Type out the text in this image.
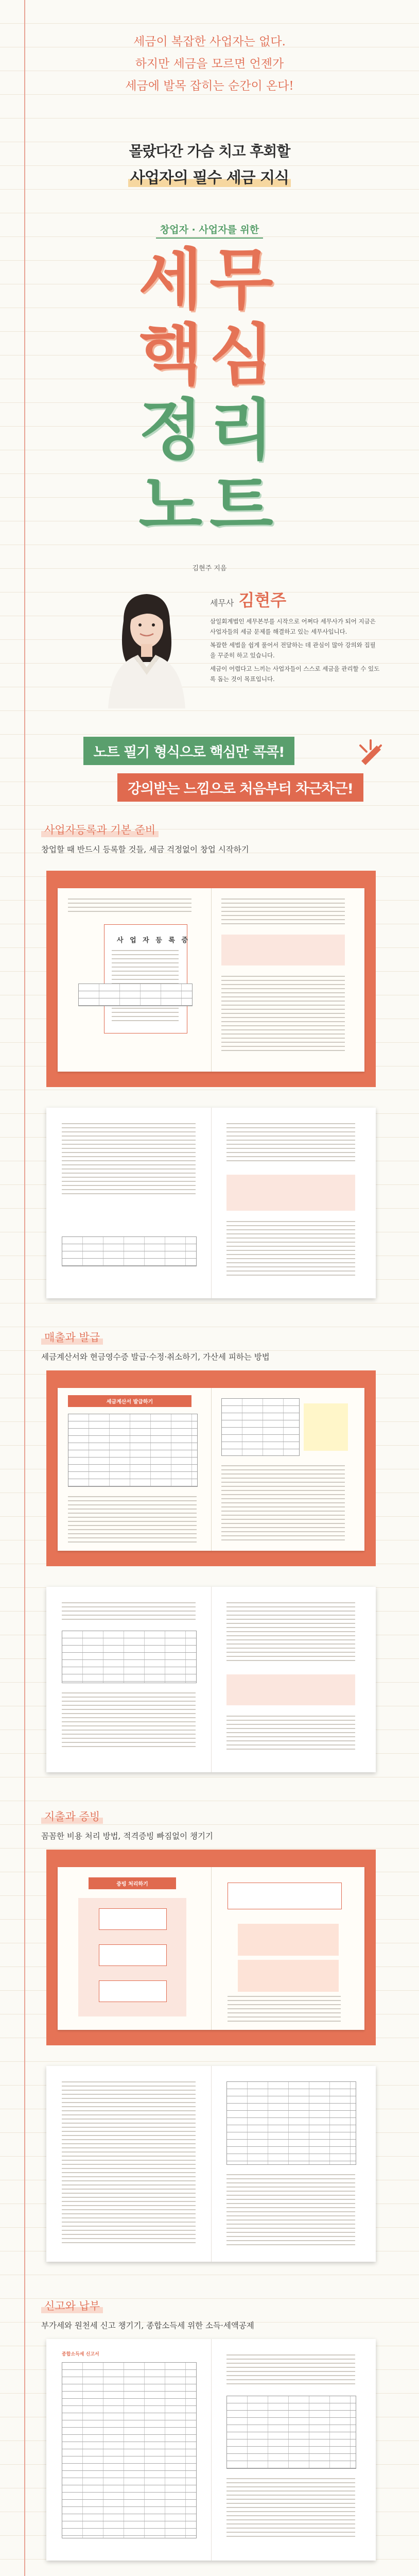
세금이 복잡한 사업자는 없다.

하지만 세금을 모르면 언젠가

세금에 발목 잡히는 순간이 온다!

몰랐다간 가슴 치고 후회할
사업자의 필수 세금 지식
창업자 · 사업자를 위한
세무
핵심
정리
노트
김현주 지음
세무사 김현주

삼일회계법인 세무본부를 시작으로 어쩌다 세무사가 되어 지금은 사업자들의 세금 문제를 해결하고 있는 세무사입니다.

복잡한 세법을 쉽게 풀어서 전달하는 데 관심이 많아 강의와 집필을 꾸준히 하고 있습니다.

세금이 어렵다고 느끼는 사업자들이 스스로 세금을 관리할 수 있도록 돕는 것이 목표입니다.

노트 필기 형식으로 핵심만 콕콕!
강의받는 느낌으로 처음부터 차근차근!
사업자등록과 기본 준비
창업할 때 반드시 등록할 것들, 세금 걱정없이 창업 시작하기
사 업 자 등 록 증
매출과 발급
세금계산서와 현금영수증 발급·수정·취소하기, 가산세 피하는 방법
세금계산서 발급하기
지출과 증빙
꼼꼼한 비용 처리 방법, 적격증빙 빠짐없이 챙기기
증빙 처리하기
신고와 납부
부가세와 원천세 신고 챙기기, 종합소득세 위한 소득·세액공제
종합소득세 신고서
